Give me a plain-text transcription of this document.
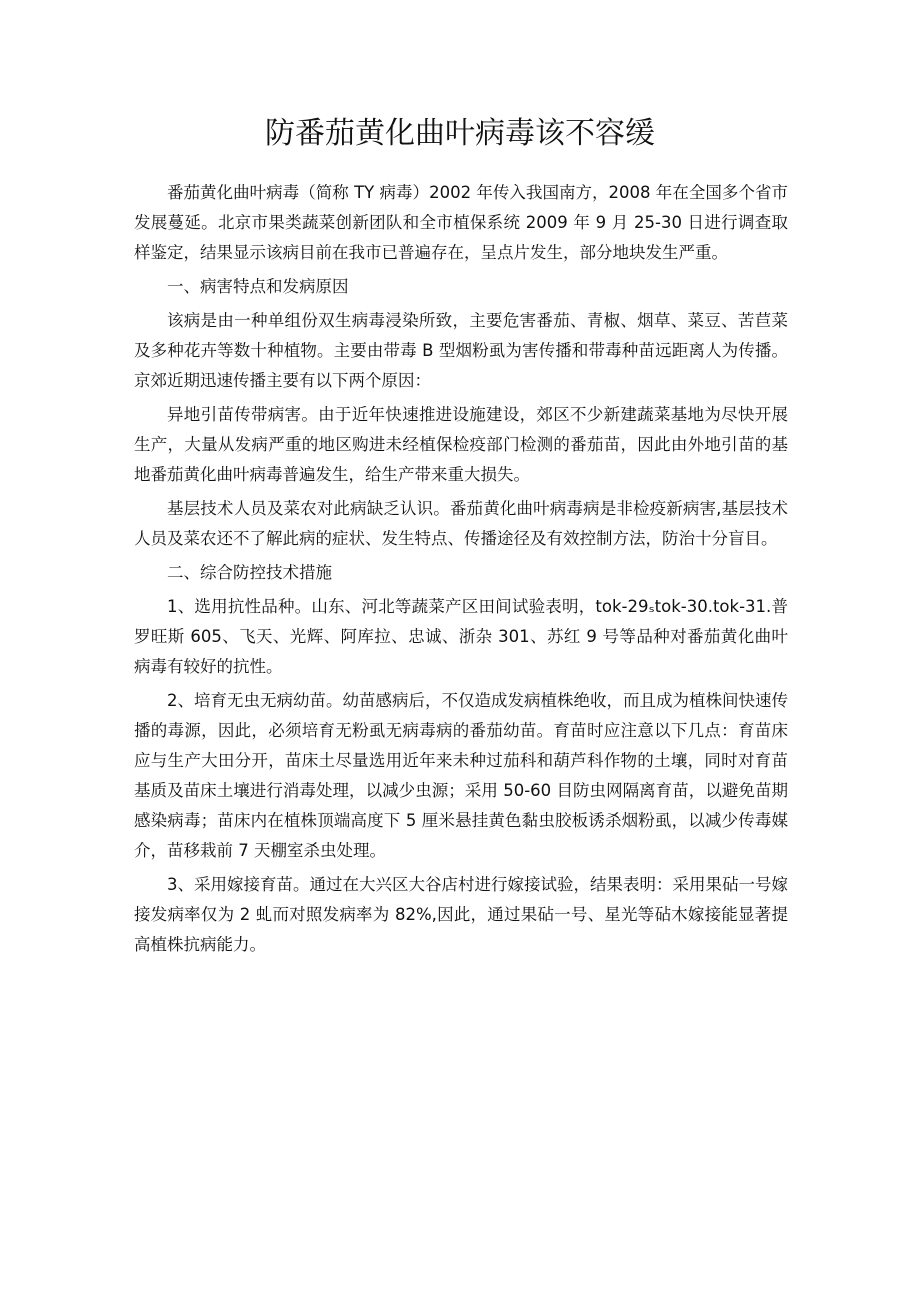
防番茄黄化曲叶病毒该不容缓

番茄黄化曲叶病毒（简称 TY 病毒）2002 年传入我国南方，2008 年在全国多个省市发展蔓延。北京市果类蔬菜创新团队和全市植保系统 2009 年 9 月 25-30 日进行调查取样鉴定，结果显示该病目前在我市已普遍存在，呈点片发生，部分地块发生严重。

一、病害特点和发病原因

该病是由一种单组份双生病毒浸染所致，主要危害番茄、青椒、烟草、菜豆、苦苣菜及多种花卉等数十种植物。主要由带毒 B 型烟粉虱为害传播和带毒种苗远距离人为传播。京郊近期迅速传播主要有以下两个原因：

异地引苗传带病害。由于近年快速推进设施建设，郊区不少新建蔬菜基地为尽快开展生产，大量从发病严重的地区购进未经植保检疫部门检测的番茄苗，因此由外地引苗的基地番茄黄化曲叶病毒普遍发生，给生产带来重大损失。

基层技术人员及菜农对此病缺乏认识。番茄黄化曲叶病毒病是非检疫新病害,基层技术人员及菜农还不了解此病的症状、发生特点、传播途径及有效控制方法，防治十分盲目。

二、综合防控技术措施

1、选用抗性品种。山东、河北等蔬菜产区田间试验表明，tok-29ₛtok-30.tok-31.普罗旺斯 605、飞天、光辉、阿库拉、忠诚、浙杂 301、苏红 9 号等品种对番茄黄化曲叶病毒有较好的抗性。

2、培育无虫无病幼苗。幼苗感病后，不仅造成发病植株绝收，而且成为植株间快速传播的毒源，因此，必须培育无粉虱无病毒病的番茄幼苗。育苗时应注意以下几点：育苗床应与生产大田分开，苗床土尽量选用近年来未种过茄科和葫芦科作物的土壤，同时对育苗基质及苗床土壤进行消毒处理，以减少虫源；采用 50-60 目防虫网隔离育苗，以避免苗期感染病毒；苗床内在植株顶端高度下 5 厘米悬挂黄色黏虫胶板诱杀烟粉虱，以减少传毒媒介，苗移栽前 7 天棚室杀虫处理。

3、采用嫁接育苗。通过在大兴区大谷店村进行嫁接试验，结果表明：采用果砧一号嫁接发病率仅为 2 虬而对照发病率为 82%,因此，通过果砧一号、星光等砧木嫁接能显著提高植株抗病能力。
